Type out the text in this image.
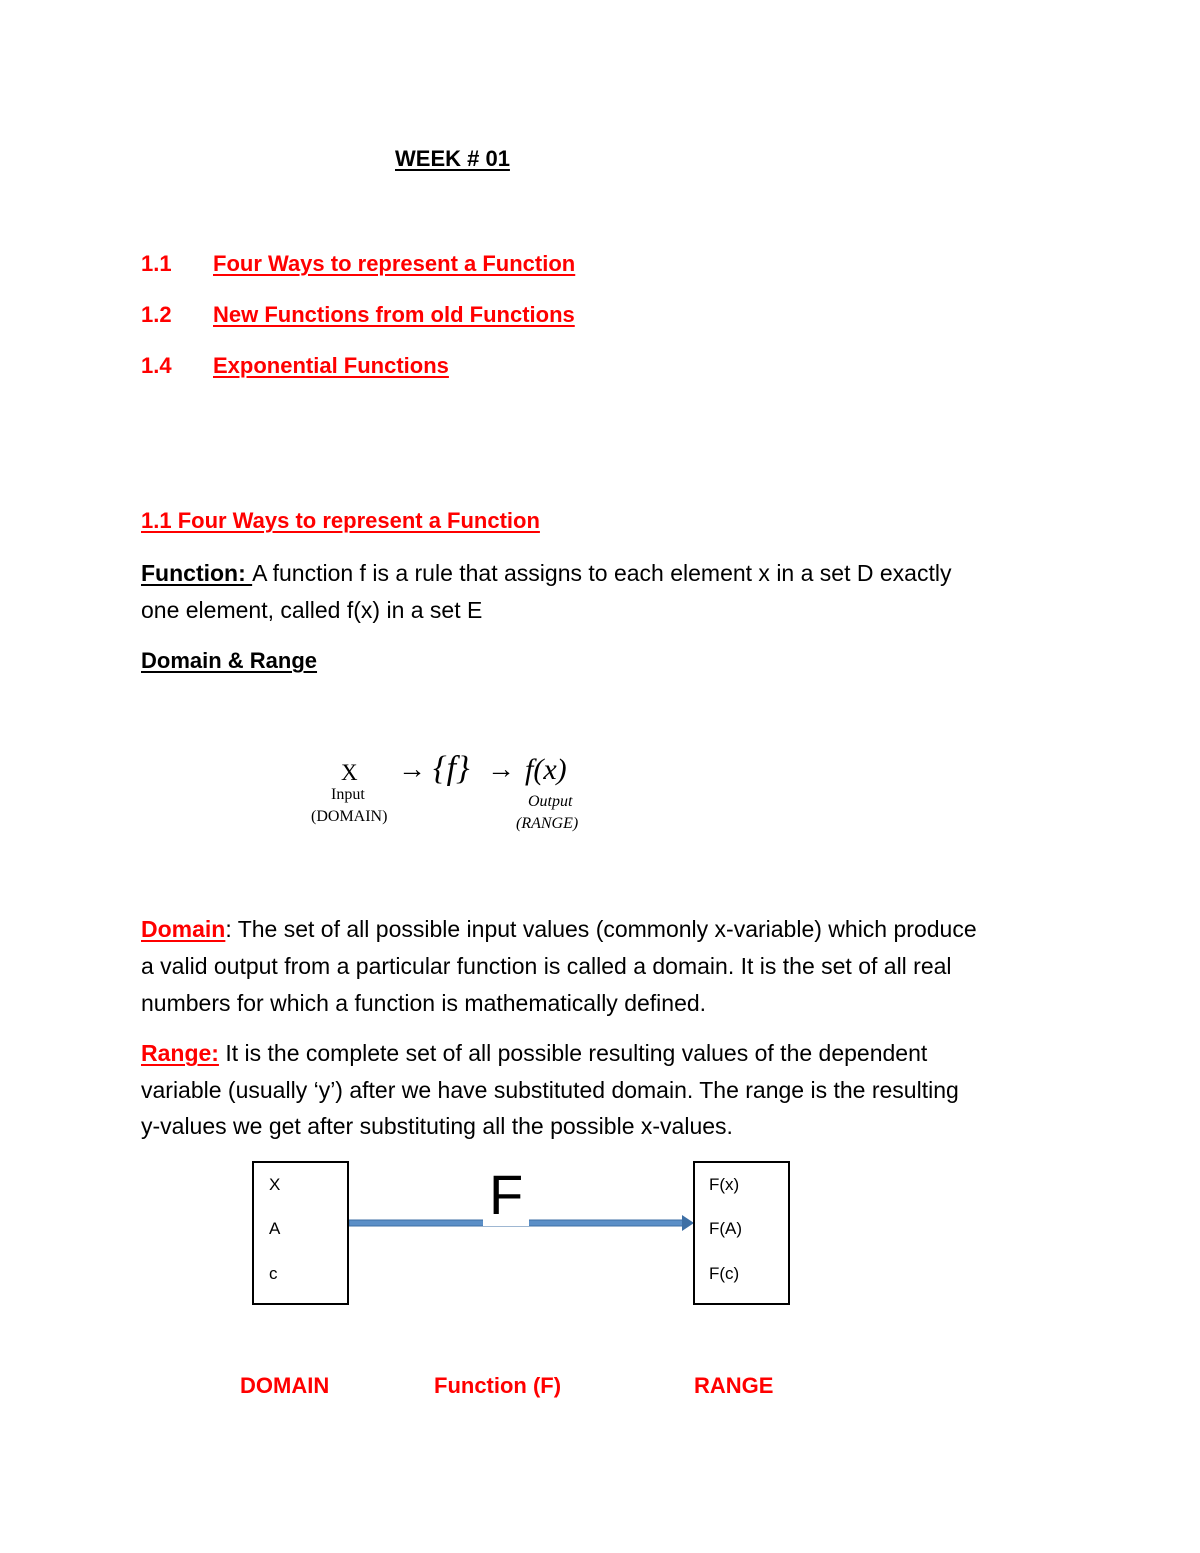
WEEK # 01
1.1 Four Ways to represent a Function
1.2 New Functions from old Functions
1.4 Exponential Functions
1.1 Four Ways to represent a Function
Function: A function f is a rule that assigns to each element x in a set D exactly
one element, called f(x) in a set E
Domain & Range
X
Input
(DOMAIN)
→ {f} → f(x)
Output
(RANGE)
Domain: The set of all possible input values (commonly x-variable) which produce
a valid output from a particular function is called a domain. It is the set of all real
numbers for which a function is mathematically defined.
Range: It is the complete set of all possible resulting values of the dependent
variable (usually ‘y’) after we have substituted domain. The range is the resulting
y-values we get after substituting all the possible x-values.
X
A
c
F	F(x)
F(A)
F(c)
DOMAIN	Function (F)	RANGE
